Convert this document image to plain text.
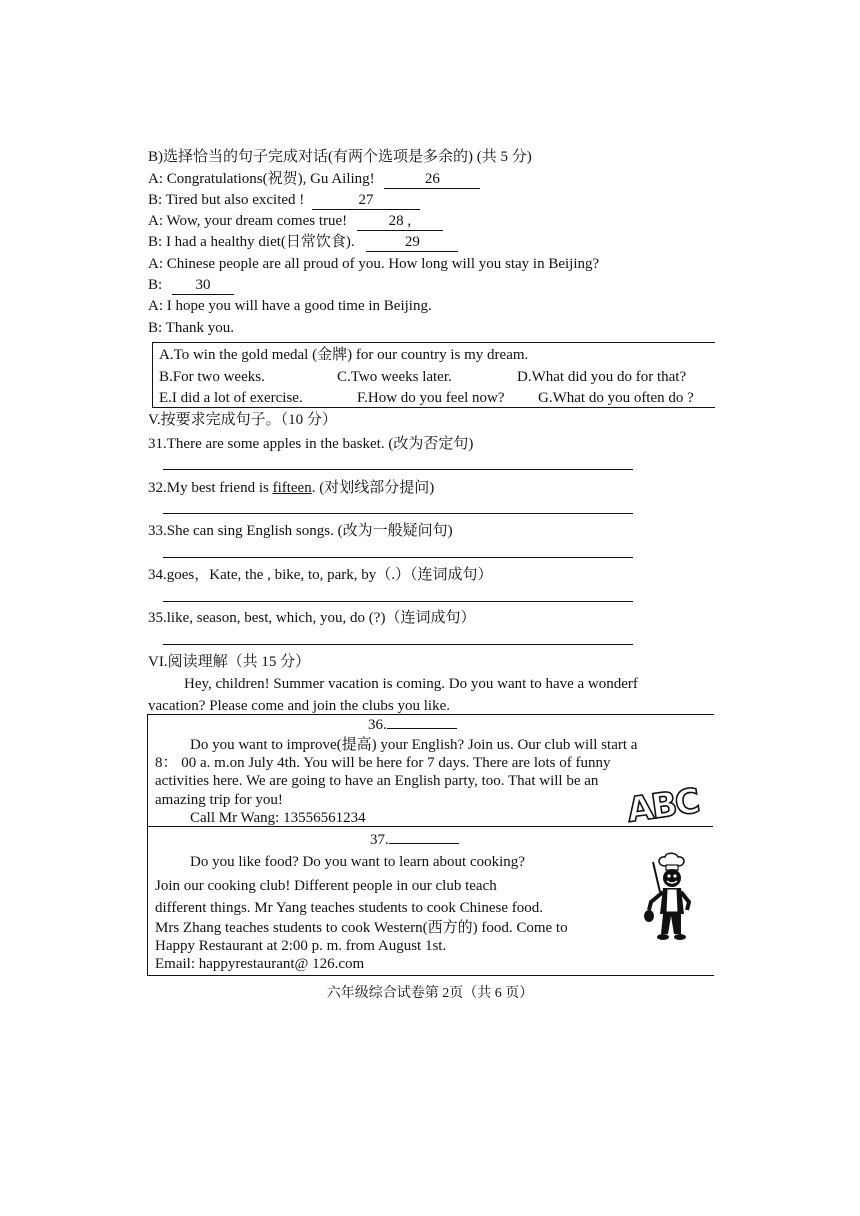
B)选择恰当的句子完成对话(有两个选项是多余的) (共 5 分)
A: Congratulations(祝贺), Gu Ailing!	26
B: Tired but also excited !	27
A: Wow, your dream comes true!	28 ,
B: I had a healthy diet(日常饮食).	29
A: Chinese people are all proud of you. How long will you stay in Beijing?
B: 30
A: I hope you will have a good time in Beijing.
B: Thank you.
A.To win the gold medal (金牌) for our country is my dream.
B.For two weeks.	C.Two weeks later.	D.What did you do for that?
E.I did a lot of exercise.	F.How do you feel now? G.What do you often do ?
V.按要求完成句子。（10 分）
31.There are some apples in the basket. (改为否定句)
32.My best friend is fifteen. (对划线部分提问)
33.She can sing English songs. (改为一般疑问句)
34.goes，Kate, the , bike, to, park, by（.）（连词成句）
35.like, season, best, which, you, do (?)（连词成句）
VI.阅读理解（共 15 分）
Hey, children! Summer vacation is coming. Do you want to have a wonderf
vacation? Please come and join the clubs you like.
36.
Do you want to improve(提高) your English? Join us. Our club will start a
8： 00 a. m.on July 4th. You will be here for 7 days. There are lots of funny
activities here. We are going to have an English party, too. That will be an
amazing trip for you!
Call Mr Wang: 13556561234	ABC
37.
Do you like food? Do you want to learn about cooking?
Join our cooking club! Different people in our club teach
different things. Mr Yang teaches students to cook Chinese food.
Mrs Zhang teaches students to cook Western(西方的) food. Come to
Happy Restaurant at 2:00 p. m. from August 1st.
Email: happyrestaurant@ 126.com
六年级综合试卷第 2页（共 6 页）
